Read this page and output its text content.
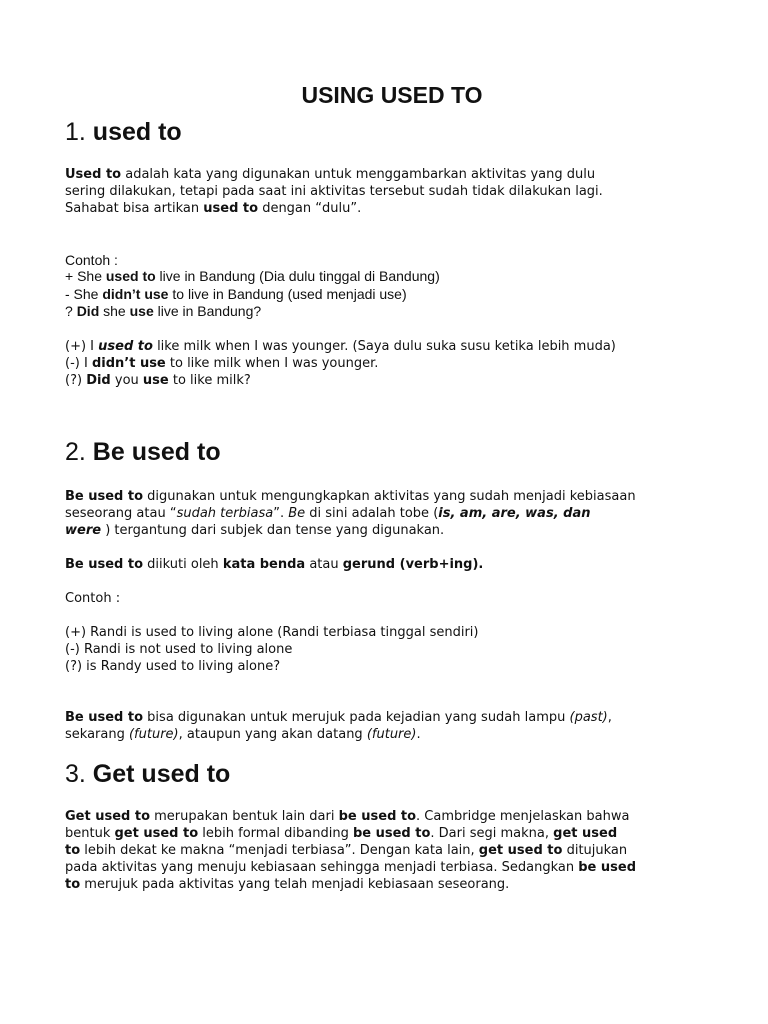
USING USED TO
1. used to
Used to adalah kata yang digunakan untuk menggambarkan aktivitas yang dulu
sering dilakukan, tetapi pada saat ini aktivitas tersebut sudah tidak dilakukan lagi.
Sahabat bisa artikan used to dengan “dulu”.
Contoh :
+ She used to live in Bandung (Dia dulu tinggal di Bandung)
- She didn’t use to live in Bandung (used menjadi use)
? Did she use live in Bandung?
(+) I used to like milk when I was younger. (Saya dulu suka susu ketika lebih muda)
(-) I didn’t use to like milk when I was younger.
(?) Did you use to like milk?
2. Be used to
Be used to digunakan untuk mengungkapkan aktivitas yang sudah menjadi kebiasaan
seseorang atau “sudah terbiasa”. Be di sini adalah tobe (is, am, are, was, dan
were ) tergantung dari subjek dan tense yang digunakan.
Be used to diikuti oleh kata benda atau gerund (verb+ing).
Contoh :
(+) Randi is used to living alone (Randi terbiasa tinggal sendiri)
(-) Randi is not used to living alone
(?) is Randy used to living alone?
Be used to bisa digunakan untuk merujuk pada kejadian yang sudah lampu (past),
sekarang (future), ataupun yang akan datang (future).
3. Get used to
Get used to merupakan bentuk lain dari be used to. Cambridge menjelaskan bahwa
bentuk get used to lebih formal dibanding be used to. Dari segi makna, get used
to lebih dekat ke makna “menjadi terbiasa”. Dengan kata lain, get used to ditujukan
pada aktivitas yang menuju kebiasaan sehingga menjadi terbiasa. Sedangkan be used
to merujuk pada aktivitas yang telah menjadi kebiasaan seseorang.
